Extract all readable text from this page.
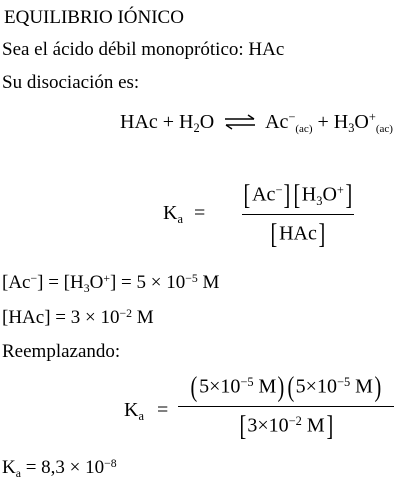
EQUILIBRIO IÓNICO
Sea el ácido débil monoprótico: HAc
Su disociación es:
HAc + $H_2O$ ⇌ $Ac^-_{(ac)} + H_3O^+_{(ac)}$
$K_a$ =
[Ac−] $[H_3O^+]$
[HAc]
$[Ac^-] = [H_3O^+] = 5 \times 10^{-5}$ M
$[HAc] = 3 \times 10^{-2}$ M
Reemplazando:
$K_a$ =
($5\times 10^{-5}$ M) ($5\times 10^{-5}$ M)
[$3\times 10^{-2}$ M]
$K_a = 8,3 \times 10^{-8}$
